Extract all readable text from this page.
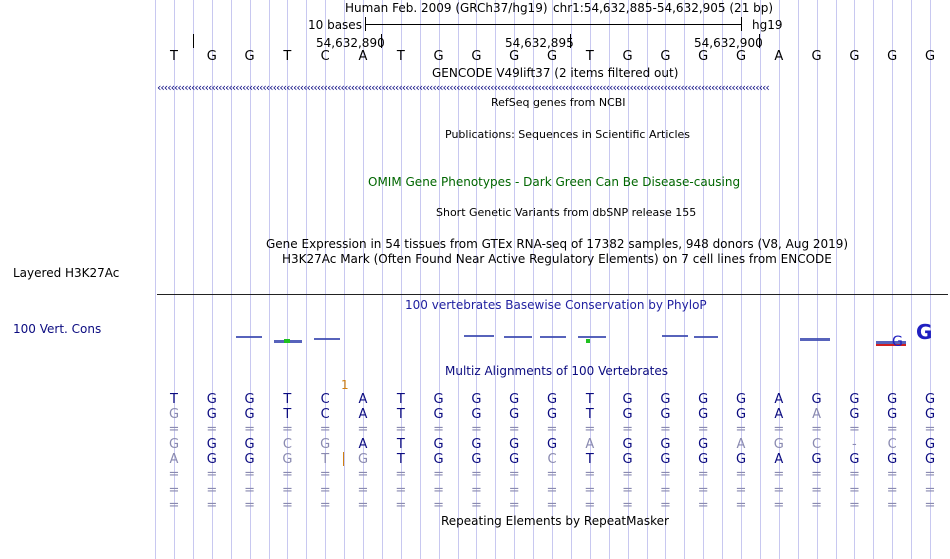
Layered H3K27Ac
100 Vert. Cons
Human Feb. 2009 (GRCh37/hg19) chr1:54,632,885-54,632,905 (21 bp)
10 bases	hg19
54,632,890	54,632,895	54,632,900
T	G	G	T	C	A	T	G	G	G	G	T	G	G	G	G	A	G	G	G	G
GENCODE V49lift37 (2 items filtered out)
‹‹‹‹‹‹‹‹‹‹‹‹‹‹‹‹‹‹‹‹‹‹‹‹‹‹‹‹‹‹‹‹‹‹‹‹‹‹‹‹‹‹‹‹‹‹‹‹‹‹‹‹‹‹‹‹‹‹‹‹‹‹‹‹‹‹‹‹‹‹‹‹‹‹‹‹‹‹‹‹‹‹‹‹‹‹‹‹‹‹‹‹‹‹‹‹‹‹‹‹‹‹‹‹‹‹‹‹‹‹‹‹‹‹‹‹‹‹‹‹‹‹‹‹‹‹‹‹‹‹‹‹‹‹‹‹‹‹‹‹‹‹‹‹‹‹‹‹‹‹‹‹‹‹‹‹‹‹‹‹‹‹‹‹‹‹‹‹‹‹‹‹‹‹‹‹‹‹‹‹
RefSeq genes from NCBI
Publications: Sequences in Scientific Articles
OMIM Gene Phenotypes - Dark Green Can Be Disease-causing
Short Genetic Variants from dbSNP release 155
Gene Expression in 54 tissues from GTEx RNA-seq of 17382 samples, 948 donors (V8, Aug 2019)
H3K27Ac Mark (Often Found Near Active Regulatory Elements) on 7 cell lines from ENCODE
100 vertebrates Basewise Conservation by PhyloP
G G
Multiz Alignments of 100 Vertebrates
1
T	G	G	T	C	A	T	G	G	G	G	T	G	G	G	G	A	G	G	G	G
G	G	G	T	C	A	T	G	G	G	G	T	G	G	G	G	A	A	G	G	G
=	=	=	=	=	=	=	=	=	=	=	=	=	=	=	=	=	=	=	=	=
G	G	G	C	G	A	T	G	G	G	G	A	G	G	G	A	G	C	-	C	G
A	G	G	G	T	G	T	G	G	G	C	T	G	G	G	G	A	G	G	G	G
=	=	=	=	=	=	=	=	=	=	=	=	=	=	=	=	=	=	=	=	=
=	=	=	=	=	=	=	=	=	=	=	=	=	=	=	=	=	=	=	=	=
=	=	=	=	=	=	=	=	=	=	=	=	=	=	=	=	=	=	=	=	=
Repeating Elements by RepeatMasker
